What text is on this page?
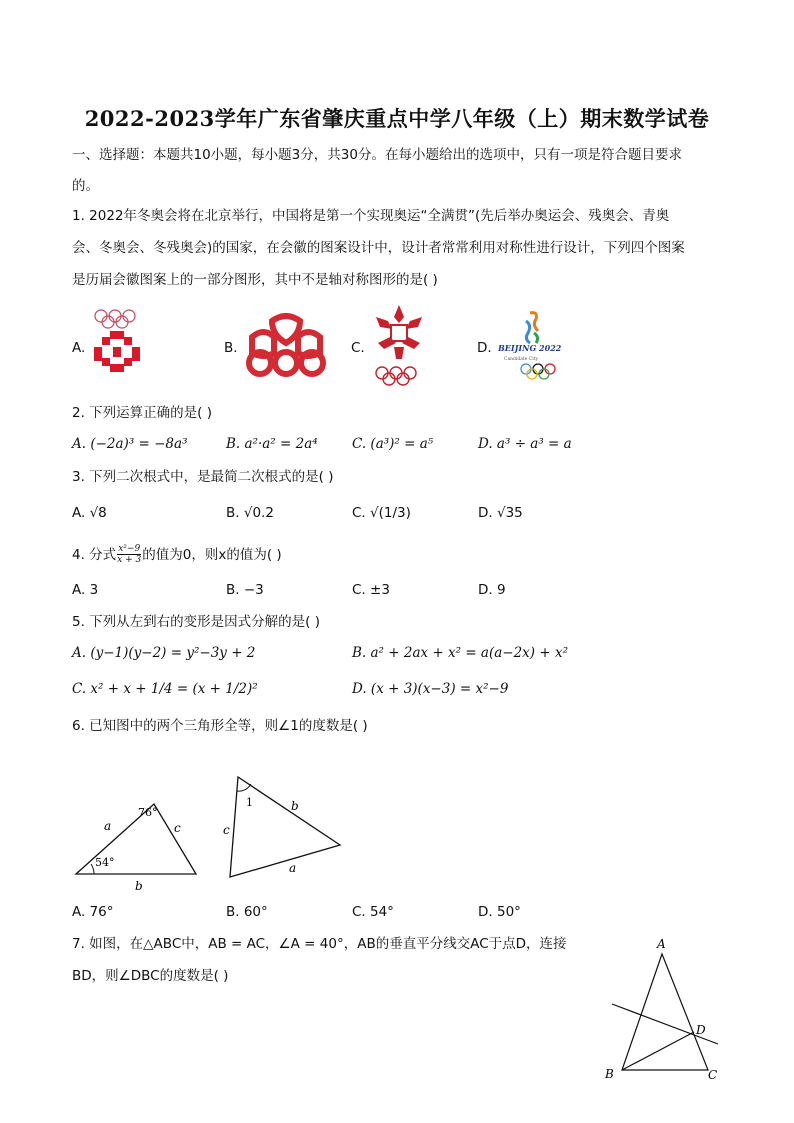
2022-2023学年广东省肇庆重点中学八年级（上）期末数学试卷
一、选择题：本题共10小题，每小题3分，共30分。在每小题给出的选项中，只有一项是符合题目要求
的。
1. 2022年冬奥会将在北京举行，中国将是第一个实现奥运“全满贯”(先后举办奥运会、残奥会、青奥
会、冬奥会、冬残奥会)的国家，在会徽的图案设计中，设计者常常利用对称性进行设计，下列四个图案
是历届会徽图案上的一部分图形，其中不是轴对称图形的是( )
A.	B.	C.	D. BEIJING 2022
Candidate City
2. 下列运算正确的是( )
A. (−2a)³ = −8a³	B. a²·a² = 2a⁴	C. (a³)² = a⁵	D. a³ ÷ a³ = a
3. 下列二次根式中，是最简二次根式的是( )
A. √8	B. √0.2	C. √(1/3)	D. √35
4. 分式 $\frac{\text{x²−9}}{x + 3}$ 的值为0，则x的值为( )
A. 3	B. −3	C. ±3	D. 9
5. 下列从左到右的变形是因式分解的是( )
A. (y−1)(y−2) = y²−3y + 2	B. a² + 2ax + x² = a(a−2x) + x²
C. x² + x + 1/4 = (x + 1/2)²	D. (x + 3)(x−3) = x²−9
6. 已知图中的两个三角形全等，则∠1的度数是( )
a	c
b
76°
54°
1	b
c
a
A. 76°	B. 60°	C. 54°	D. 50°
7. 如图，在△ABC中，AB = AC，∠A = 40°，AB的垂直平分线交AC于点D，连接
BD，则∠DBC的度数是( )
A
B	C
D
